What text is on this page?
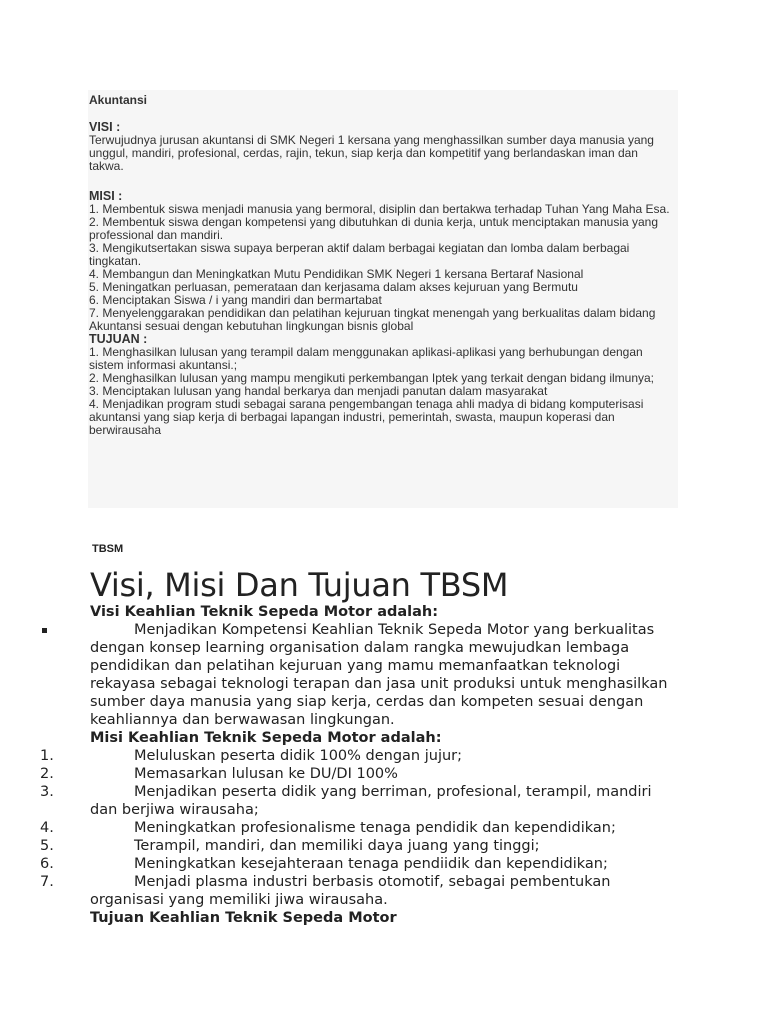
Akuntansi
VISI :
Terwujudnya jurusan akuntansi di SMK Negeri 1 kersana yang menghassilkan sumber daya manusia yang unggul, mandiri, profesional, cerdas, rajin, tekun, siap kerja dan kompetitif yang berlandaskan iman dan takwa.
MISI :
1. Membentuk siswa menjadi manusia yang bermoral, disiplin dan bertakwa terhadap Tuhan Yang Maha Esa.
2. Membentuk siswa dengan kompetensi yang dibutuhkan di dunia kerja, untuk menciptakan manusia yang professional dan mandiri.
3. Mengikutsertakan siswa supaya berperan aktif dalam berbagai kegiatan dan lomba dalam berbagai tingkatan.
4. Membangun dan Meningkatkan Mutu Pendidikan SMK Negeri 1 kersana Bertaraf Nasional
5. Meningatkan perluasan, pemerataan dan kerjasama dalam akses kejuruan yang Bermutu
6. Menciptakan Siswa / i yang mandiri dan bermartabat
7. Menyelenggarakan pendidikan dan pelatihan kejuruan tingkat menengah yang berkualitas dalam bidang Akuntansi sesuai dengan kebutuhan lingkungan bisnis global
TUJUAN :
1. Menghasilkan lulusan yang terampil dalam menggunakan aplikasi-aplikasi yang berhubungan dengan sistem informasi akuntansi.;
2. Menghasilkan lulusan yang mampu mengikuti perkembangan Iptek yang terkait dengan bidang ilmunya;
3. Menciptakan lulusan yang handal berkarya dan menjadi panutan dalam masyarakat
4. Menjadikan program studi sebagai sarana pengembangan tenaga ahli madya di bidang komputerisasi akuntansi yang siap kerja di berbagai lapangan industri, pemerintah, swasta, maupun koperasi dan berwirausaha
TBSM
Visi, Misi Dan Tujuan TBSM
Visi Keahlian Teknik Sepeda Motor adalah:
Menjadikan Kompetensi Keahlian Teknik Sepeda Motor yang berkualitas dengan konsep learning organisation dalam rangka mewujudkan lembaga pendidikan dan pelatihan kejuruan yang mamu memanfaatkan teknologi rekayasa sebagai teknologi terapan dan jasa unit produksi untuk menghasilkan sumber daya manusia yang siap kerja, cerdas dan kompeten sesuai dengan keahliannya dan berwawasan lingkungan.
Misi Keahlian Teknik Sepeda Motor adalah:
1.	Meluluskan peserta didik 100% dengan jujur;
2.	Memasarkan lulusan ke DU/DI 100%
3.	Menjadikan peserta didik yang berriman, profesional, terampil, mandiri dan berjiwa wirausaha;
4.	Meningkatkan profesionalisme tenaga pendidik dan kependidikan;
5.	Terampil, mandiri, dan memiliki daya juang yang tinggi;
6.	Meningkatkan kesejahteraan tenaga pendiidik dan kependidikan;
7.	Menjadi plasma industri berbasis otomotif, sebagai pembentukan organisasi yang memiliki jiwa wirausaha.
Tujuan Keahlian Teknik Sepeda Motor
